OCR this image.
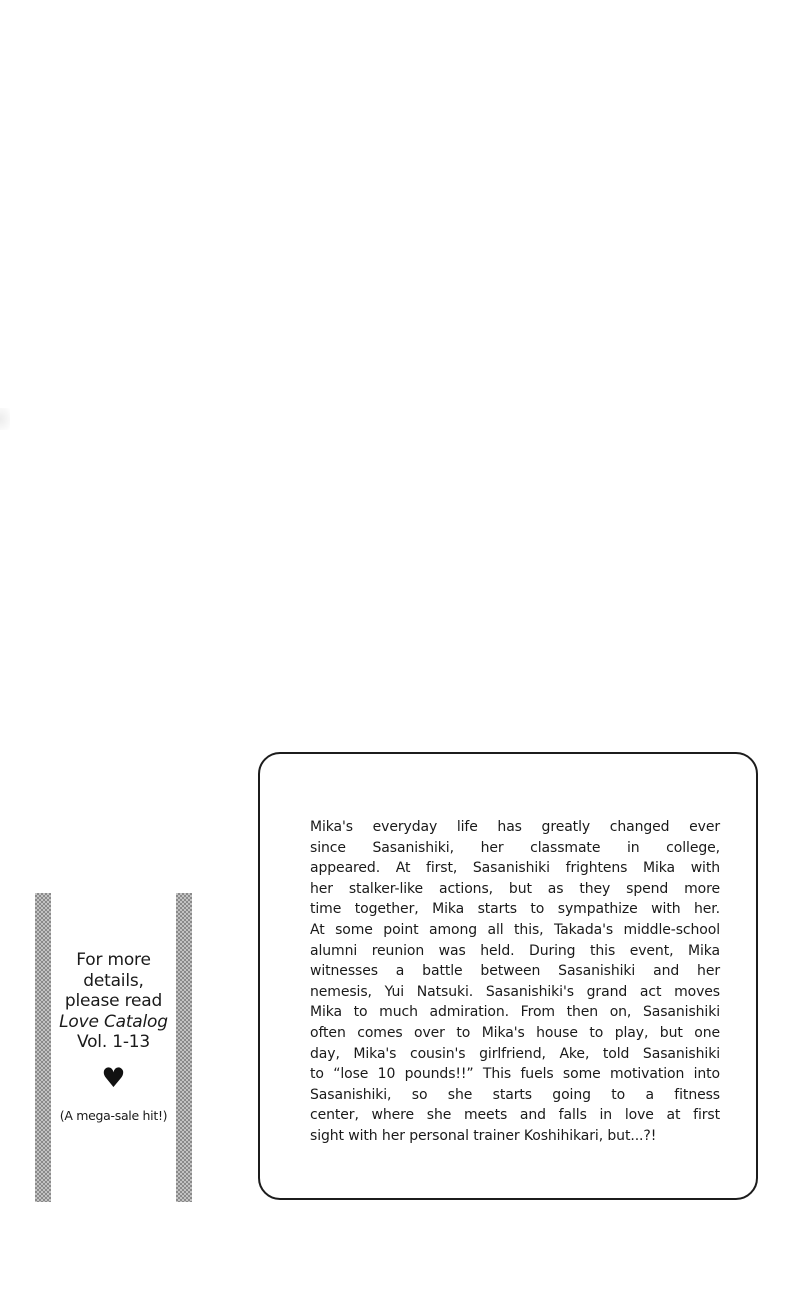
For more
details,
please read
Love Catalog
Vol. 1-13
♥
(A mega-sale hit!)

Mika's everyday life has greatly changed ever

since Sasanishiki, her classmate in college,

appeared. At first, Sasanishiki frightens Mika with

her stalker-like actions, but as they spend more

time together, Mika starts to sympathize with her.

At some point among all this, Takada's middle-school

alumni reunion was held. During this event, Mika

witnesses a battle between Sasanishiki and her

nemesis, Yui Natsuki. Sasanishiki's grand act moves

Mika to much admiration. From then on, Sasanishiki

often comes over to Mika's house to play, but one

day, Mika's cousin's girlfriend, Ake, told Sasanishiki

to “lose 10 pounds!!” This fuels some motivation into

Sasanishiki, so she starts going to a fitness

center, where she meets and falls in love at first

sight with her personal trainer Koshihikari, but...?!
